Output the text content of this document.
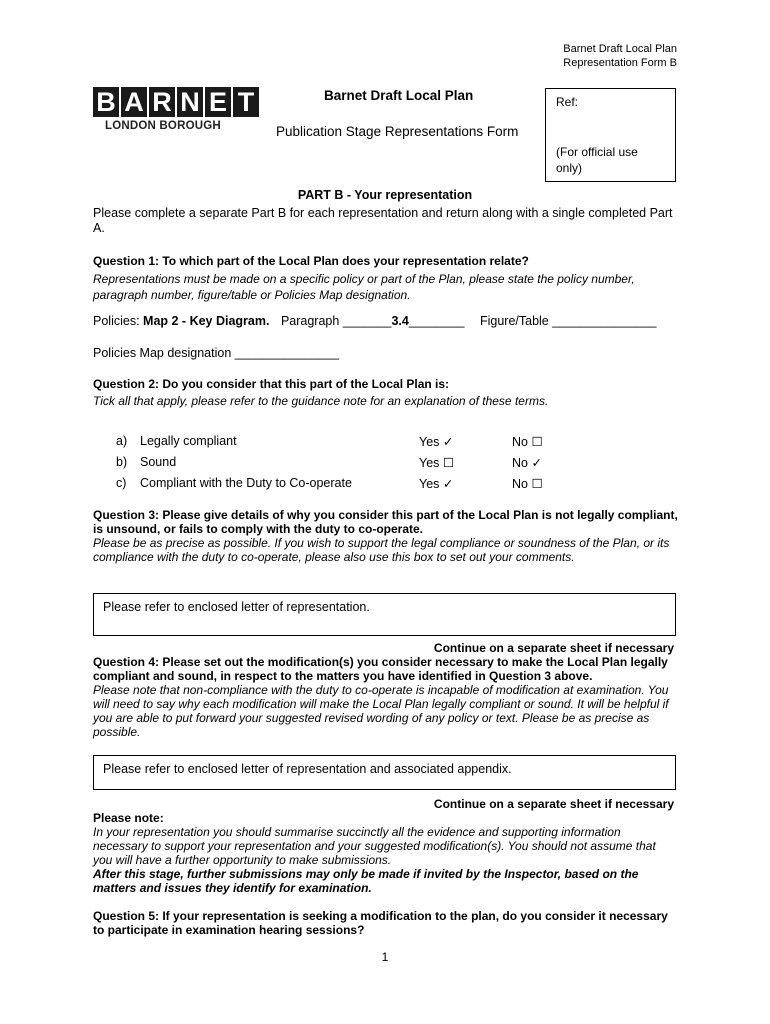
Barnet Draft Local Plan
Representation Form B
B A R N E T
LONDON BOROUGH
Barnet Draft Local Plan
Publication Stage Representations Form
Ref:
(For official use only)
PART B - Your representation
Please complete a separate Part B for each representation and return along with a single completed Part A.
Question 1: To which part of the Local Plan does your representation relate?
Representations must be made on a specific policy or part of the Plan, please state the policy number, paragraph number, figure/table or Policies Map designation.
Policies: Map 2 - Key Diagram. Paragraph _______3.4________ Figure/Table _______________
Policies Map designation _______________
Question 2: Do you consider that this part of the Local Plan is:
Tick all that apply, please refer to the guidance note for an explanation of these terms.
a) Legally compliant	Yes ✓	No ☐
b) Sound	Yes ☐	No ✓
c) Compliant with the Duty to Co-operate	Yes ✓	No ☐
Question 3: Please give details of why you consider this part of the Local Plan is not legally compliant, is unsound, or fails to comply with the duty to co-operate.
Please be as precise as possible. If you wish to support the legal compliance or soundness of the Plan, or its compliance with the duty to co-operate, please also use this box to set out your comments.
Please refer to enclosed letter of representation.
Continue on a separate sheet if necessary
Question 4: Please set out the modification(s) you consider necessary to make the Local Plan legally compliant and sound, in respect to the matters you have identified in Question 3 above.
Please note that non-compliance with the duty to co-operate is incapable of modification at examination. You will need to say why each modification will make the Local Plan legally compliant or sound. It will be helpful if you are able to put forward your suggested revised wording of any policy or text. Please be as precise as possible.
Please refer to enclosed letter of representation and associated appendix.
Continue on a separate sheet if necessary
Please note:
In your representation you should summarise succinctly all the evidence and supporting information necessary to support your representation and your suggested modification(s). You should not assume that you will have a further opportunity to make submissions.
After this stage, further submissions may only be made if invited by the Inspector, based on the matters and issues they identify for examination.
Question 5: If your representation is seeking a modification to the plan, do you consider it necessary to participate in examination hearing sessions?
1
